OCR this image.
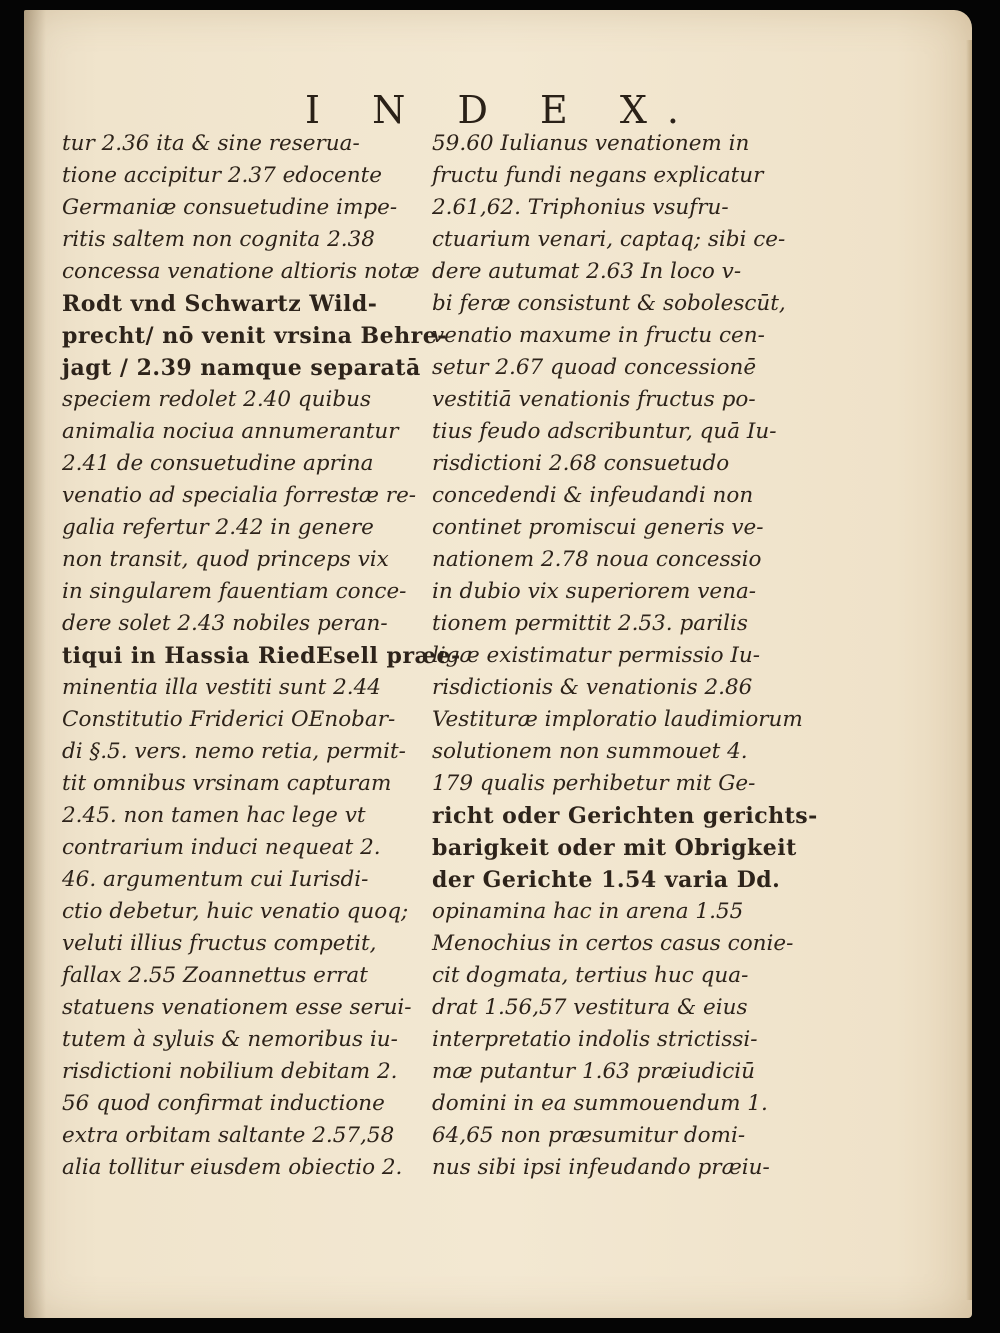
I N D E X.
tur 2.36 ita & sine reserua-
tione accipitur 2.37 edocente
Germaniæ consuetudine impe-
ritis saltem non cognita 2.38
concessa venatione altioris notæ
Rodt vnd Schwartz Wild-
precht/ nō venit vrsina Behre-
jagt / 2.39 namque separatā
speciem redolet 2.40 quibus
animalia nociua annumerantur
2.41 de consuetudine aprina
venatio ad specialia forrestæ re-
galia refertur 2.42 in genere
non transit, quod princeps vix
in singularem fauentiam conce-
dere solet 2.43 nobiles peran-
tiqui in Hassia RiedEsell præe-
minentia illa vestiti sunt 2.44
Constitutio Friderici OEnobar-
di §.5. vers. nemo retia, permit-
tit omnibus vrsinam capturam
2.45. non tamen hac lege vt
contrarium induci nequeat 2.
46. argumentum cui Iurisdi-
ctio debetur, huic venatio quoq;
veluti illius fructus competit,
fallax 2.55 Zoannettus errat
statuens venationem esse serui-
tutem à syluis & nemoribus iu-
risdictioni nobilium debitam 2.
56 quod confirmat inductione
extra orbitam saltante 2.57,58
alia tollitur eiusdem obiectio 2.
59.60 Iulianus venationem in
fructu fundi negans explicatur
2.61,62. Triphonius vsufru-
ctuarium venari, captaq; sibi ce-
dere autumat 2.63 In loco v-
bi feræ consistunt & sobolescūt,
venatio maxume in fructu cen-
setur 2.67 quoad concessionē
vestitiā venationis fructus po-
tius feudo adscribuntur, quā Iu-
risdictioni 2.68 consuetudo
concedendi & infeudandi non
continet promiscui generis ve-
nationem 2.78 noua concessio
in dubio vix superiorem vena-
tionem permittit 2.53. parilis
ligæ existimatur permissio Iu-
risdictionis & venationis 2.86
Vestituræ imploratio laudimiorum
solutionem non summouet 4.
179 qualis perhibetur mit Ge-
richt oder Gerichten gerichts-
barigkeit oder mit Obrigkeit
der Gerichte 1.54 varia Dd.
opinamina hac in arena 1.55
Menochius in certos casus conie-
cit dogmata, tertius huc qua-
drat 1.56,57 vestitura & eius
interpretatio indolis strictissi-
mæ putantur 1.63 præiudiciū
domini in ea summouendum 1.
64,65 non præsumitur domi-
nus sibi ipsi infeudando præiu-
